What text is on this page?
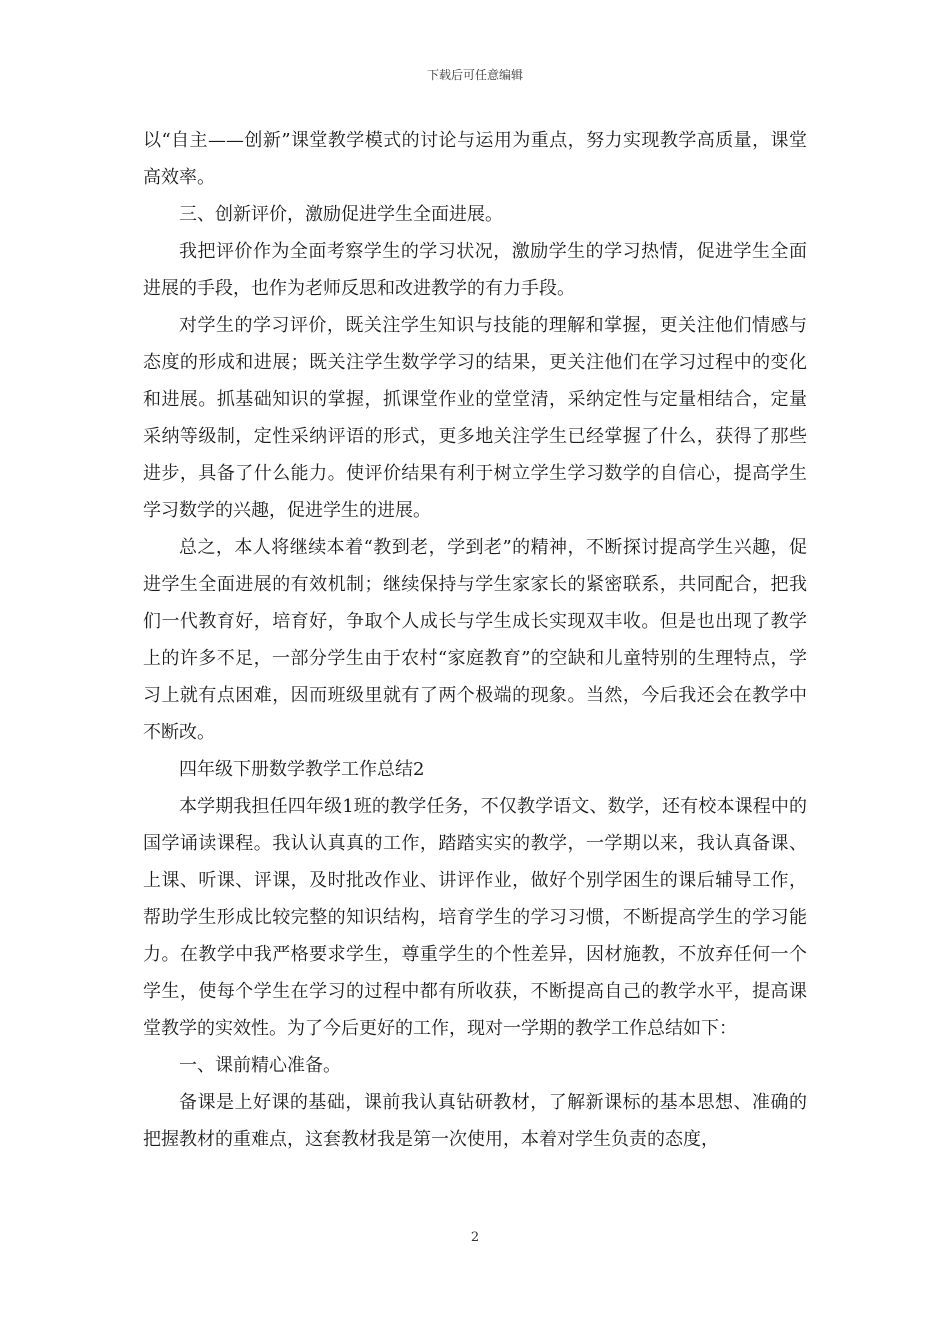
下载后可任意编辑

以“自主——创新”课堂教学模式的讨论与运用为重点，努力实现教学高质量，课堂高效率。

三、创新评价，激励促进学生全面进展。

我把评价作为全面考察学生的学习状况，激励学生的学习热情，促进学生全面进展的手段，也作为老师反思和改进教学的有力手段。

对学生的学习评价，既关注学生知识与技能的理解和掌握，更关注他们情感与态度的形成和进展；既关注学生数学学习的结果，更关注他们在学习过程中的变化和进展。抓基础知识的掌握，抓课堂作业的堂堂清，采纳定性与定量相结合，定量采纳等级制，定性采纳评语的形式，更多地关注学生已经掌握了什么，获得了那些进步，具备了什么能力。使评价结果有利于树立学生学习数学的自信心，提高学生学习数学的兴趣，促进学生的进展。

总之，本人将继续本着“教到老，学到老”的精神，不断探讨提高学生兴趣，促进学生全面进展的有效机制；继续保持与学生家家长的紧密联系，共同配合，把我们一代教育好，培育好，争取个人成长与学生成长实现双丰收。但是也出现了教学上的许多不足，一部分学生由于农村“家庭教育”的空缺和儿童特别的生理特点，学习上就有点困难，因而班级里就有了两个极端的现象。当然，今后我还会在教学中不断改。

四年级下册数学教学工作总结2

本学期我担任四年级1班的教学任务，不仅教学语文、数学，还有校本课程中的国学诵读课程。我认认真真的工作，踏踏实实的教学，一学期以来，我认真备课、上课、听课、评课，及时批改作业、讲评作业，做好个别学困生的课后辅导工作，帮助学生形成比较完整的知识结构，培育学生的学习习惯，不断提高学生的学习能力。在教学中我严格要求学生，尊重学生的个性差异，因材施教，不放弃任何一个学生，使每个学生在学习的过程中都有所收获，不断提高自己的教学水平，提高课堂教学的实效性。为了今后更好的工作，现对一学期的教学工作总结如下：

一、课前精心准备。

备课是上好课的基础，课前我认真钻研教材，了解新课标的基本思想、准确的把握教材的重难点，这套教材我是第一次使用，本着对学生负责的态度，

2
